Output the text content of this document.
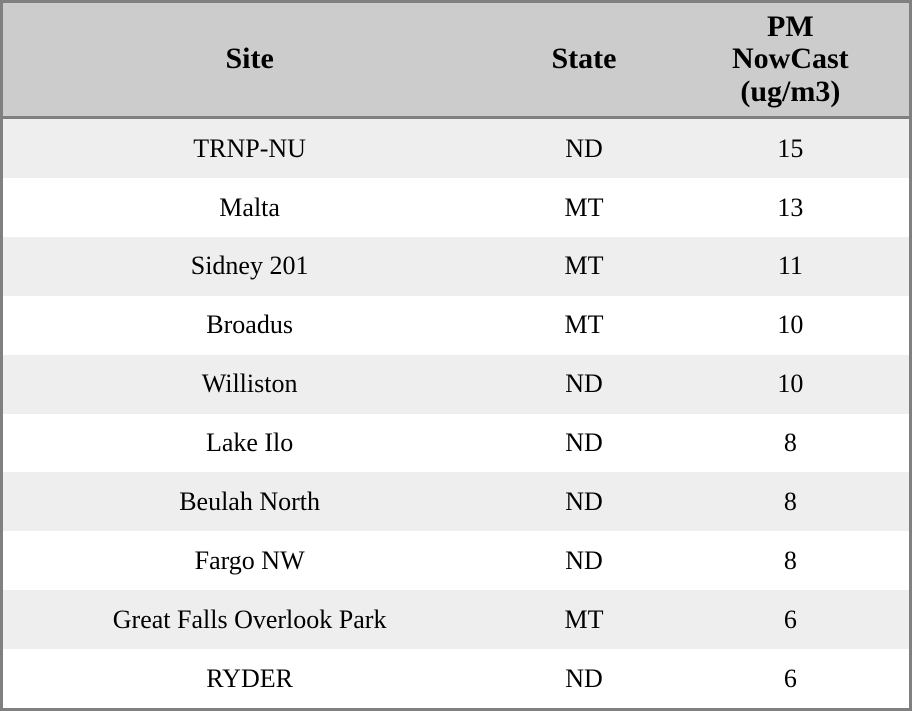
Site	State	PM
NowCast
(ug/m3)

TRNP-NU	ND	15
Malta	MT	13
Sidney 201	MT	11
Broadus	MT	10
Williston	ND	10
Lake Ilo	ND	8
Beulah North	ND	8
Fargo NW	ND	8
Great Falls Overlook Park	MT	6
RYDER	ND	6
